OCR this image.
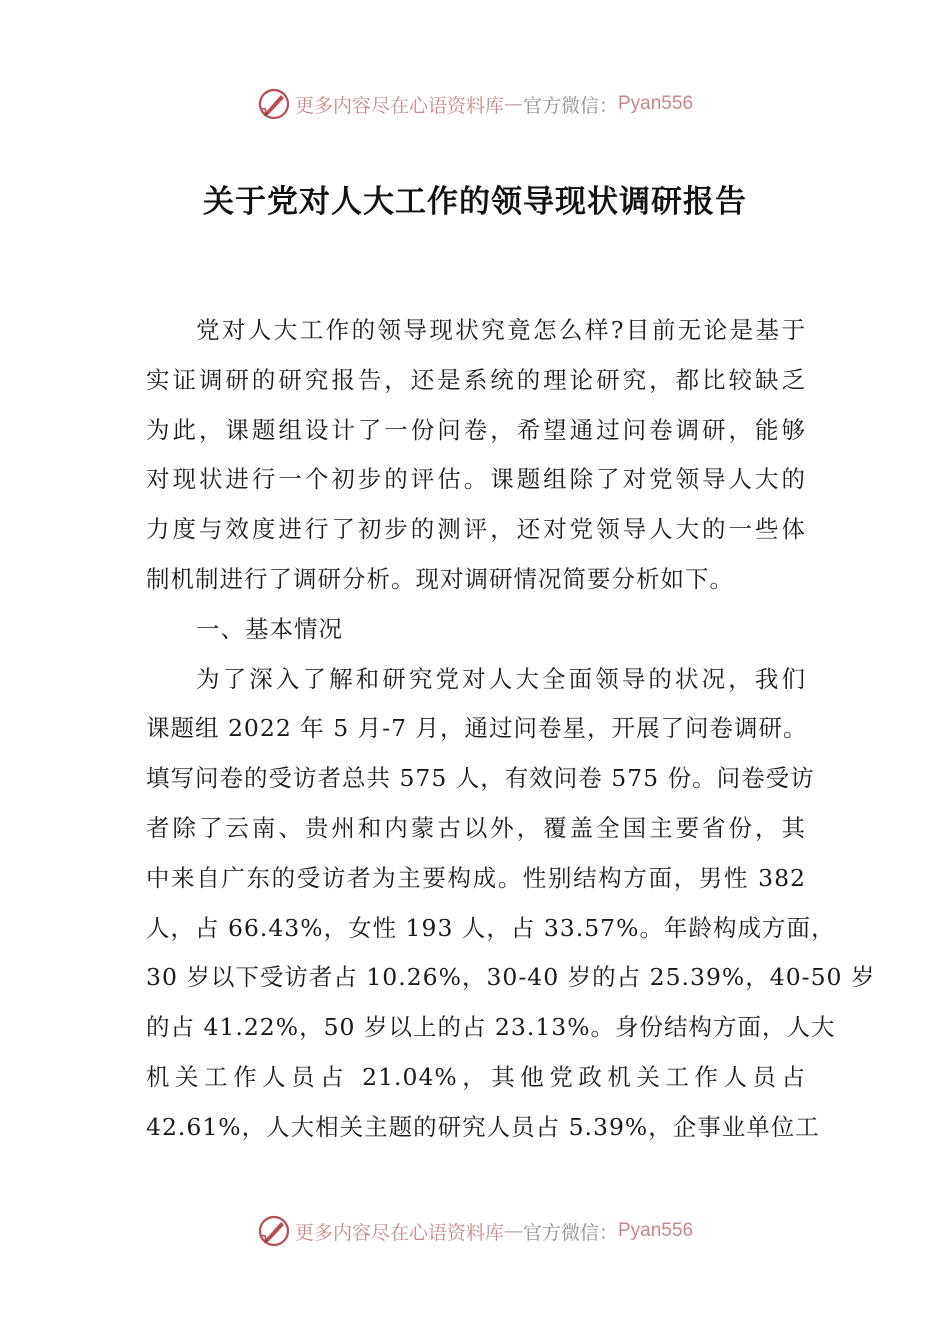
更多内容尽在心语资料库 — 官方微信： Pyan556
关于党对人大工作的领导现状调研报告
党对人大工作的领导现状究竟怎么样?目前无论是基于
实证调研的研究报告，还是系统的理论研究，都比较缺乏
为此，课题组设计了一份问卷，希望通过问卷调研，能够
对现状进行一个初步的评估。课题组除了对党领导人大的
力度与效度进行了初步的测评，还对党领导人大的一些体
制机制进行了调研分析。现对调研情况简要分析如下。
一、基本情况
为了深入了解和研究党对人大全面领导的状况，我们
课题组 2022 年 5 月-7 月，通过问卷星，开展了问卷调研。
填写问卷的受访者总共 575 人，有效问卷 575 份。问卷受访
者除了云南、贵州和内蒙古以外，覆盖全国主要省份，其
中来自广东的受访者为主要构成。性别结构方面，男性 382
人，占 66.43%，女性 193 人，占 33.57%。年龄构成方面，
30 岁以下受访者占 10.26%，30-40 岁的占 25.39%，40-50 岁
的占 41.22%，50 岁以上的占 23.13%。身份结构方面，人大
机关工作人员占 21.04%，其他党政机关工作人员占
42.61%，人大相关主题的研究人员占 5.39%，企事业单位工
更多内容尽在心语资料库 — 官方微信： Pyan556
